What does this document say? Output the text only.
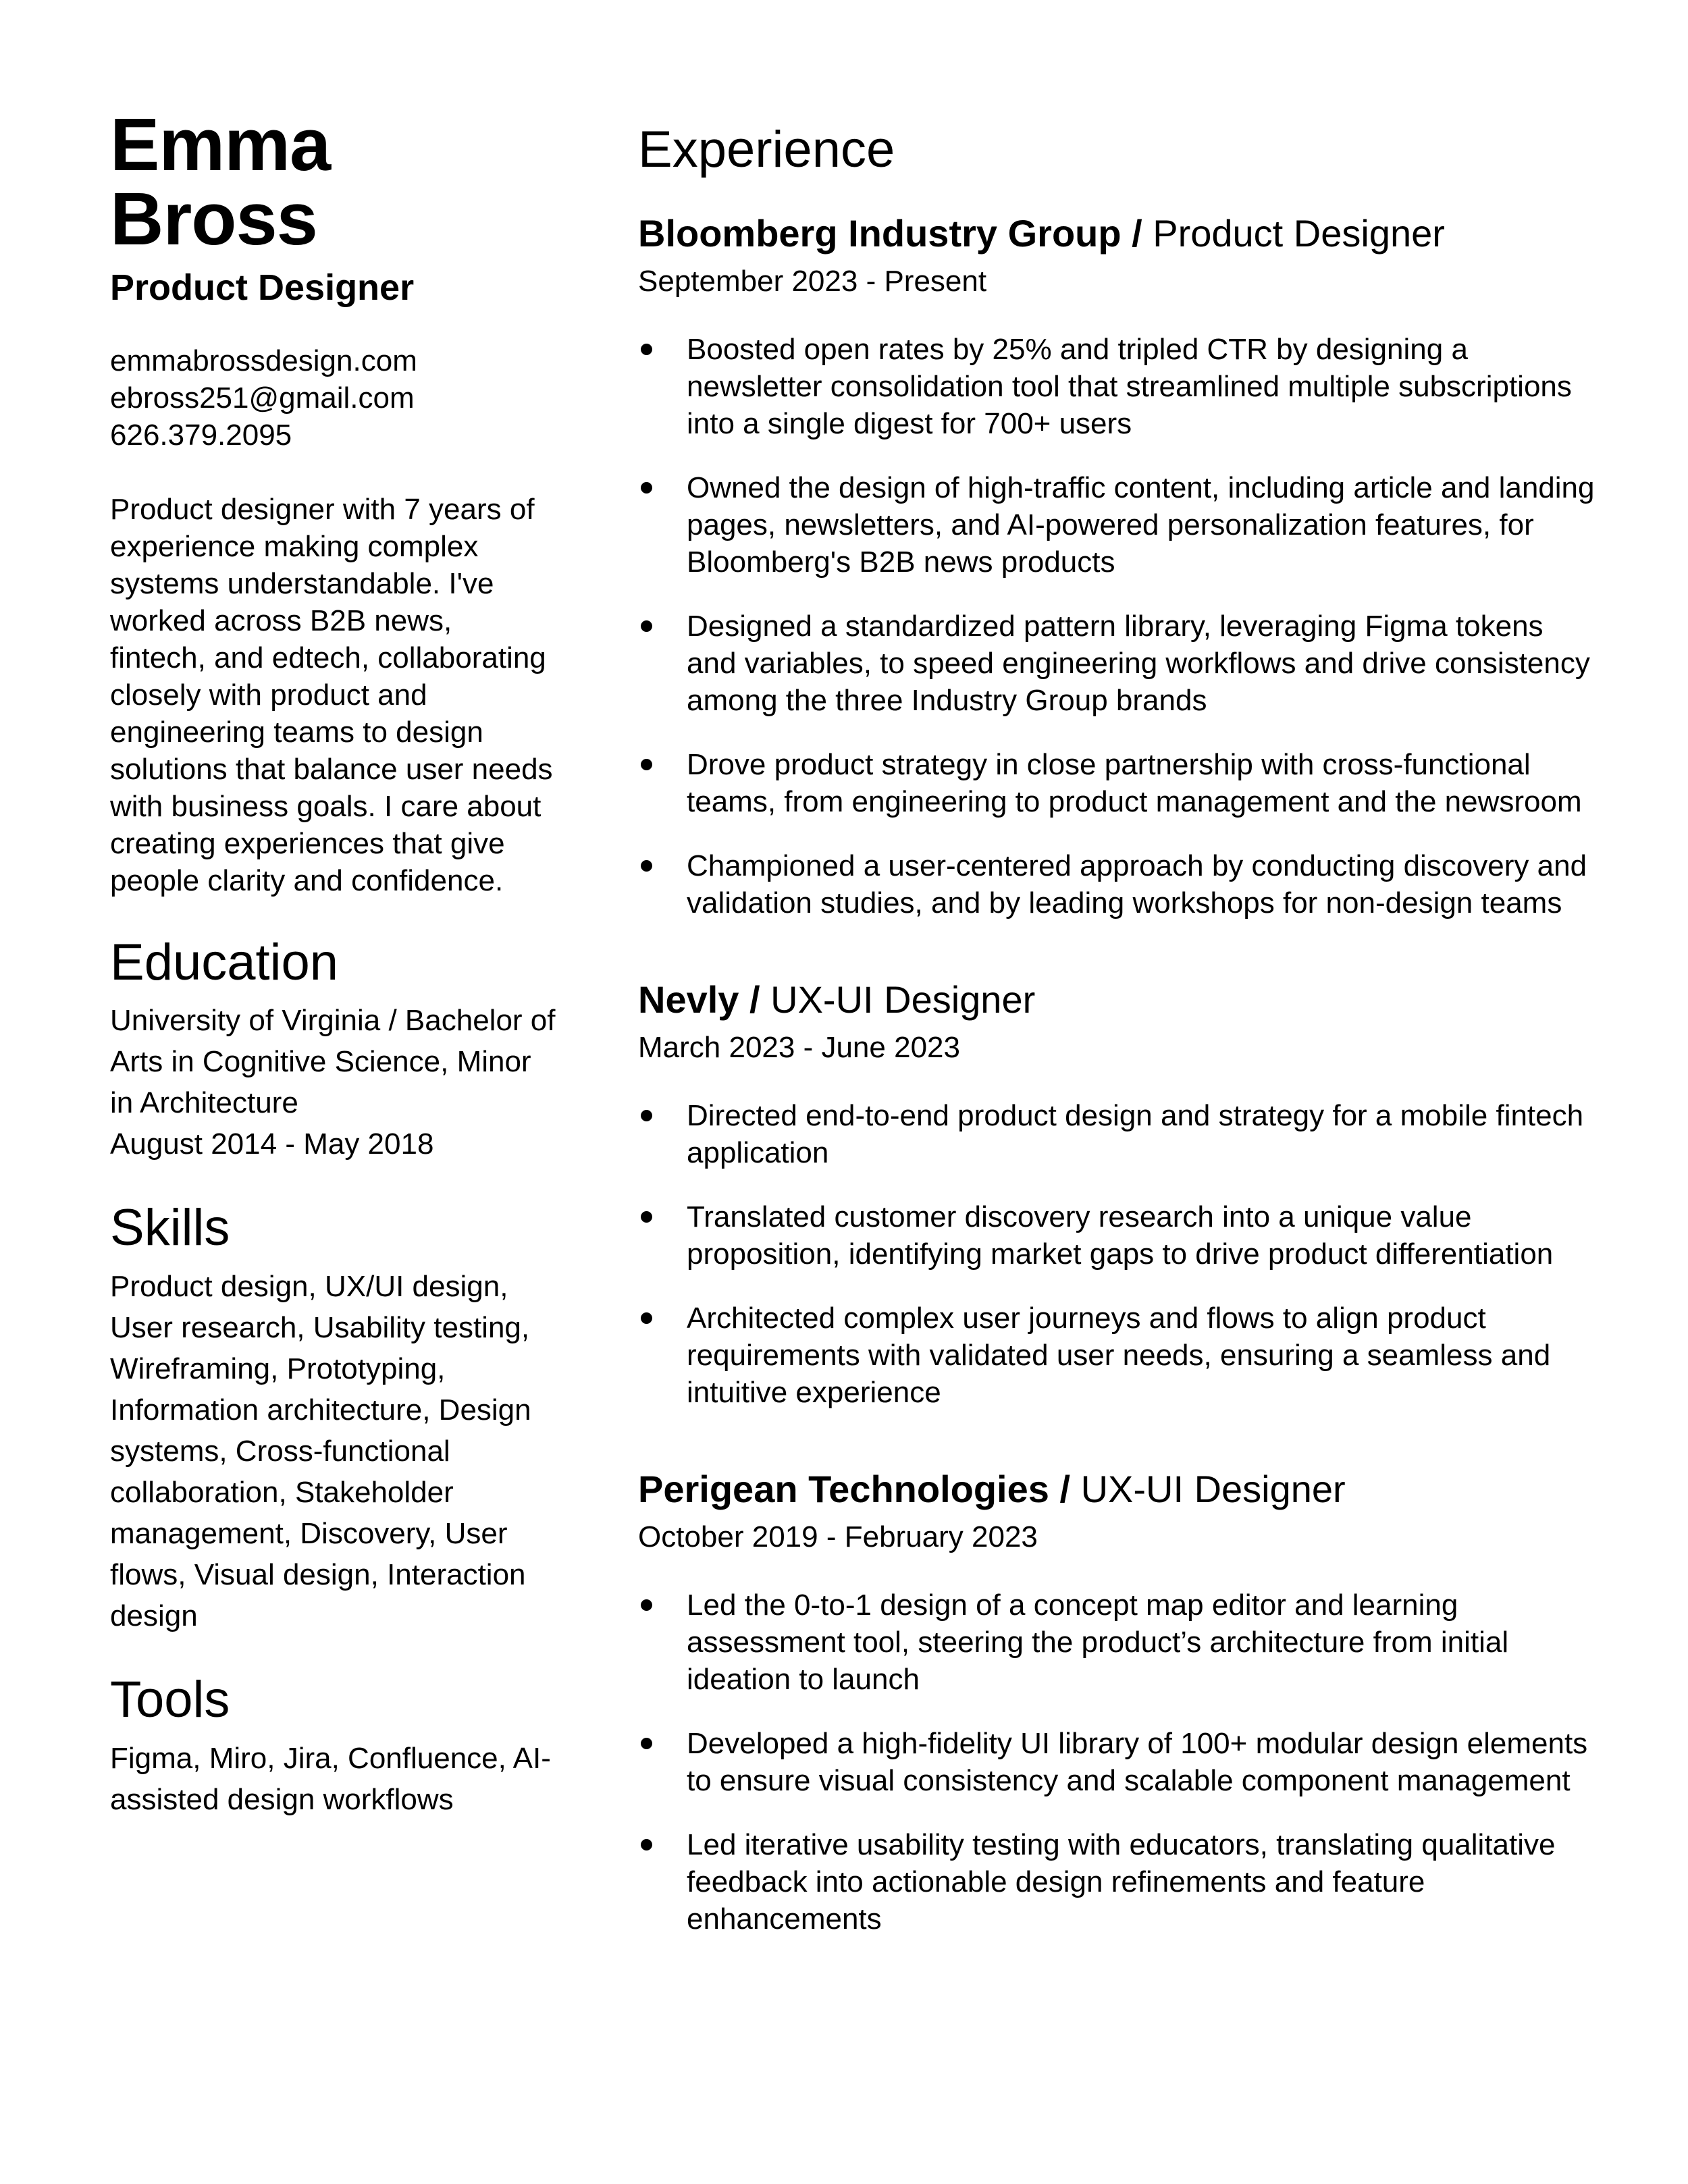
Emma Bross
Product Designer
emmabrossdesign.com
ebross251@gmail.com
626.379.2095

Product designer with 7 years of experience making complex systems understandable. I've worked across B2B news, fintech, and edtech, collaborating closely with product and engineering teams to design solutions that balance user needs with business goals. I care about creating experiences that give people clarity and confidence.

Education
University of Virginia / Bachelor of Arts in Cognitive Science, Minor in Architecture
August 2014 - May 2018
Skills
Product design, UX/UI design, User research, Usability testing, Wireframing, Prototyping, Information architecture, Design systems, Cross-functional collaboration, Stakeholder management, Discovery, User flows, Visual design, Interaction design
Tools
Figma, Miro, Jira, Confluence, AI-assisted design workflows
Experience
Bloomberg Industry Group / Product Designer
September 2023 - Present
Boosted open rates by 25% and tripled CTR by designing a newsletter consolidation tool that streamlined multiple subscriptions into a single digest for 700+ users
Owned the design of high-traffic content, including article and landing pages, newsletters, and AI-powered personalization features, for Bloomberg's B2B news products
Designed a standardized pattern library, leveraging Figma tokens and variables, to speed engineering workflows and drive consistency among the three Industry Group brands
Drove product strategy in close partnership with cross-functional teams, from engineering to product management and the newsroom
Championed a user-centered approach by conducting discovery and validation studies, and by leading workshops for non-design teams
Nevly / UX-UI Designer
March 2023 - June 2023
Directed end-to-end product design and strategy for a mobile fintech application
Translated customer discovery research into a unique value proposition, identifying market gaps to drive product differentiation
Architected complex user journeys and flows to align product requirements with validated user needs, ensuring a seamless and intuitive experience
Perigean Technologies / UX-UI Designer
October 2019 - February 2023
Led the 0-to-1 design of a concept map editor and learning assessment tool, steering the product’s architecture from initial ideation to launch
Developed a high-fidelity UI library of 100+ modular design elements to ensure visual consistency and scalable component management
Led iterative usability testing with educators, translating qualitative feedback into actionable design refinements and feature enhancements
